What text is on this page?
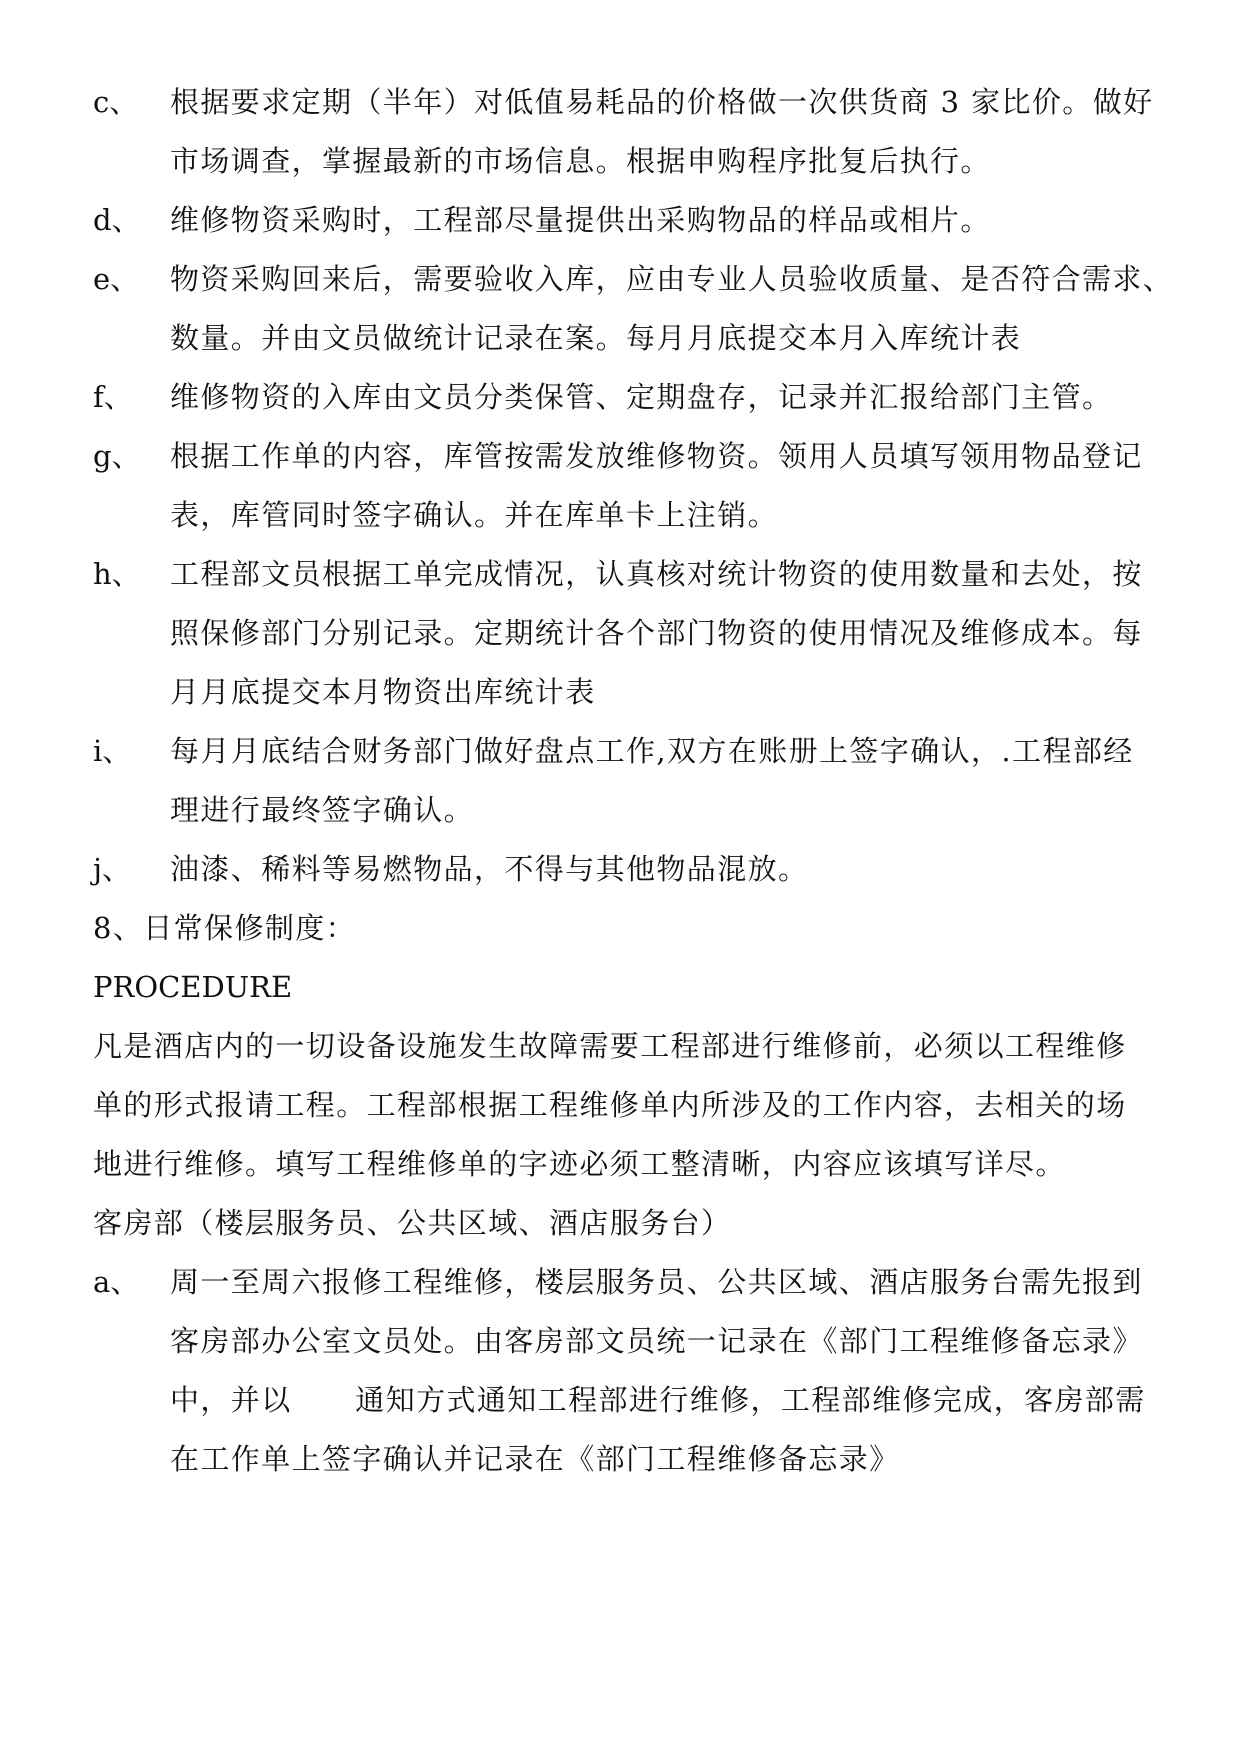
c、 根据要求定期（半年）对低值易耗品的价格做一次供货商 3 家比价。做好
市场调查，掌握最新的市场信息。根据申购程序批复后执行。
d、 维修物资采购时，工程部尽量提供出采购物品的样品或相片。
e、 物资采购回来后，需要验收入库，应由专业人员验收质量、是否符合需求、
数量。并由文员做统计记录在案。每月月底提交本月入库统计表
f、 维修物资的入库由文员分类保管、定期盘存，记录并汇报给部门主管。
g、 根据工作单的内容，库管按需发放维修物资。领用人员填写领用物品登记
表，库管同时签字确认。并在库单卡上注销。
h、 工程部文员根据工单完成情况，认真核对统计物资的使用数量和去处，按
照保修部门分别记录。定期统计各个部门物资的使用情况及维修成本。每
月月底提交本月物资出库统计表
i、 每月月底结合财务部门做好盘点工作,双方在账册上签字确认，.工程部经
理进行最终签字确认。
j、 油漆、稀料等易燃物品，不得与其他物品混放。
8、日常保修制度：
PROCEDURE
凡是酒店内的一切设备设施发生故障需要工程部进行维修前，必须以工程维修
单的形式报请工程。工程部根据工程维修单内所涉及的工作内容，去相关的场
地进行维修。填写工程维修单的字迹必须工整清晰，内容应该填写详尽。
客房部（楼层服务员、公共区域、酒店服务台）
a、 周一至周六报修工程维修，楼层服务员、公共区域、酒店服务台需先报到
客房部办公室文员处。由客房部文员统一记录在《部门工程维修备忘录》
中，并以      通知方式通知工程部进行维修，工程部维修完成，客房部需
在工作单上签字确认并记录在《部门工程维修备忘录》
